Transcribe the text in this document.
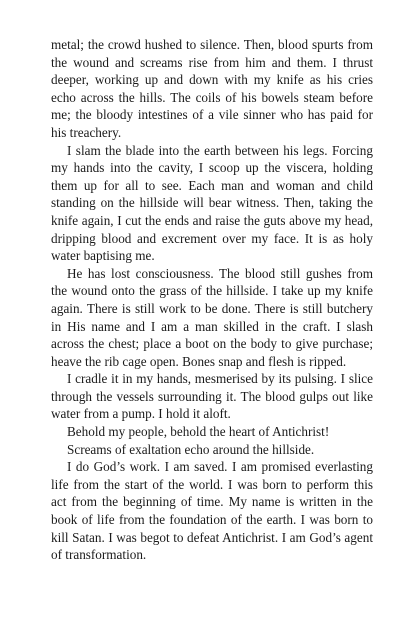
metal; the crowd hushed to silence. Then, blood spurts from the wound and screams rise from him and them. I thrust deeper, working up and down with my knife as his cries echo across the hills. The coils of his bowels steam before me; the bloody intestines of a vile sinner who has paid for his treachery.

I slam the blade into the earth between his legs. Forcing my hands into the cavity, I scoop up the viscera, holding them up for all to see. Each man and woman and child standing on the hillside will bear witness. Then, taking the knife again, I cut the ends and raise the guts above my head, dripping blood and excrement over my face. It is as holy water baptising me.

He has lost consciousness. The blood still gushes from the wound onto the grass of the hillside. I take up my knife again. There is still work to be done. There is still butchery in His name and I am a man skilled in the craft. I slash across the chest; place a boot on the body to give purchase; heave the rib cage open. Bones snap and flesh is ripped.

I cradle it in my hands, mesmerised by its pulsing. I slice through the vessels surrounding it. The blood gulps out like water from a pump. I hold it aloft.

Behold my people, behold the heart of Antichrist!

Screams of exaltation echo around the hillside.

I do God’s work. I am saved. I am promised everlasting life from the start of the world. I was born to perform this act from the beginning of time. My name is written in the book of life from the foundation of the earth. I was born to kill Satan. I was begot to defeat Antichrist. I am God’s agent of transformation.
